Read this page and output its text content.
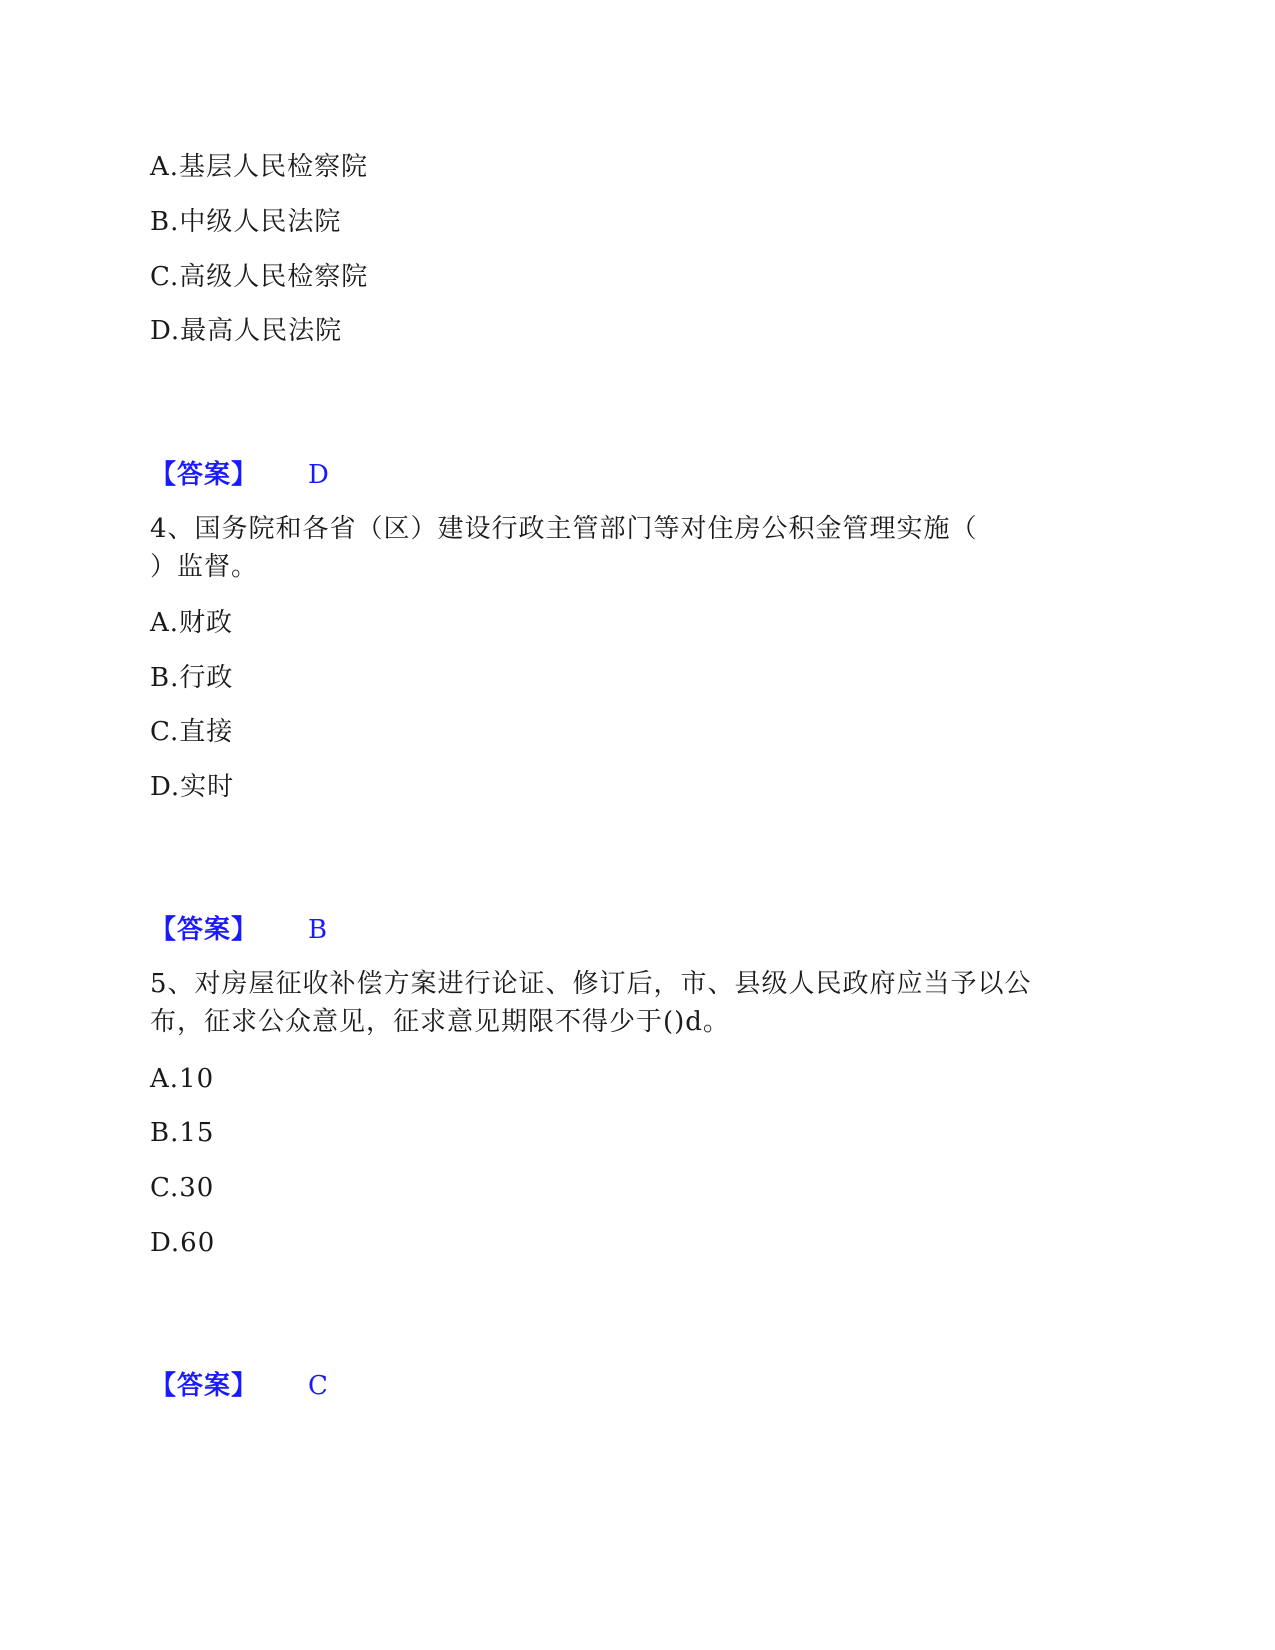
A.基层人民检察院
B.中级人民法院
C.高级人民检察院
D.最高人民法院
【答案】 D
4、国务院和各省（区）建设行政主管部门等对住房公积金管理实施（
）监督。
A.财政
B.行政
C.直接
D.实时
【答案】 B
5、对房屋征收补偿方案进行论证、修订后，市、县级人民政府应当予以公
布，征求公众意见，征求意见期限不得少于()d。
A.10
B.15
C.30
D.60
【答案】 C
